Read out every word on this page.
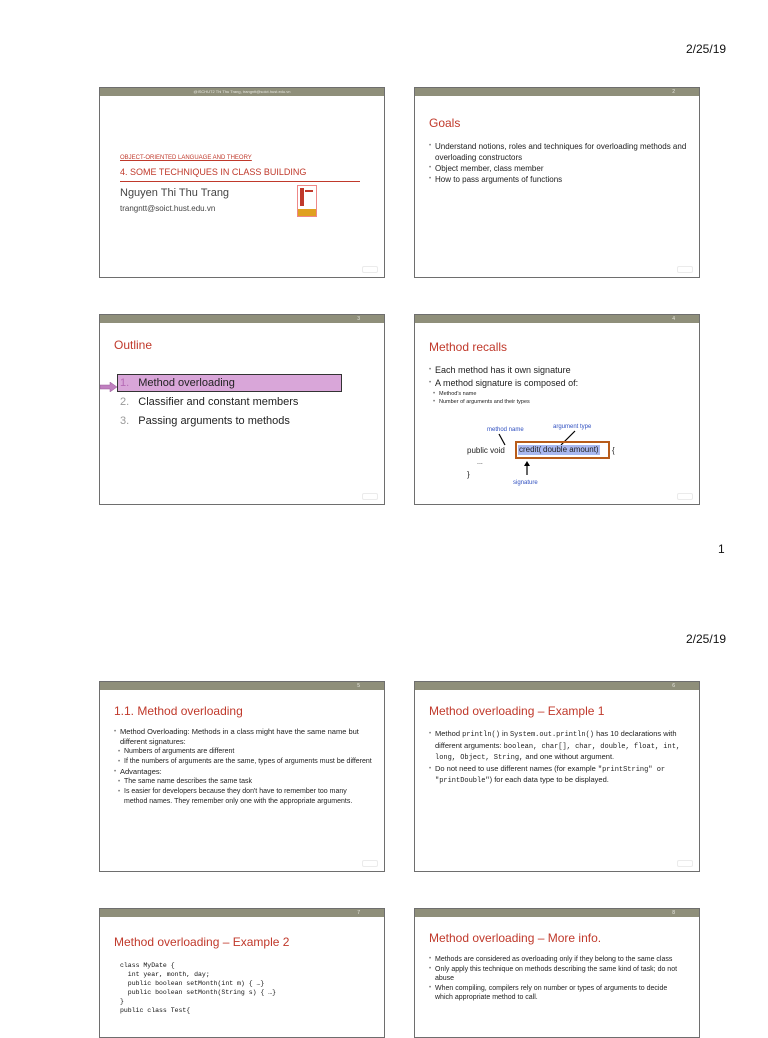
2/25/19
@ISCHUT2 Thi Thu Trang, trangntt@soict.hust.edu.vn
OBJECT-ORIENTED LANGUAGE AND THEORY
4. SOME TECHNIQUES IN CLASS BUILDING
Nguyen Thi Thu Trang
trangntt@soict.hust.edu.vn
2
Goals
• Understand notions, roles and techniques for overloading methods and overloading constructors
• Object member, class member
• How to pass arguments of functions
3
Outline
1. Method overloading
2. Classifier and constant members
3. Passing arguments to methods
4
Method recalls
• Each method has it own signature
• A method signature is composed of:
• Method's name
• Number of arguments and their types
method name	argument type
public void credit( double amount) {
...
}
signature
1
2/25/19
5
1.1. Method overloading
• Method Overloading: Methods in a class might have the same name but different signatures:
• Numbers of arguments are different
• If the numbers of arguments are the same, types of arguments must be different
• Advantages:
• The same name describes the same task
• Is easier for developers because they don't have to remember too many method names. They remember only one with the appropriate arguments.
6
Method overloading – Example 1
• Method println() in System.out.println() has 10 declarations with different arguments: boolean, char[], char, double, float, int, long, Object, String, and one without argument.
• Do not need to use different names (for example "printString" or "printDouble") for each data type to be displayed.
7
Method overloading – Example 2
class MyDate {
int year, month, day;
public boolean setMonth(int m) { …}
public boolean setMonth(String s) { …}
}
public class Test{
8
Method overloading – More info.
• Methods are considered as overloading only if they belong to the same class
• Only apply this technique on methods describing the same kind of task; do not abuse
• When compiling, compilers rely on number or types of arguments to decide which appropriate method to call.
